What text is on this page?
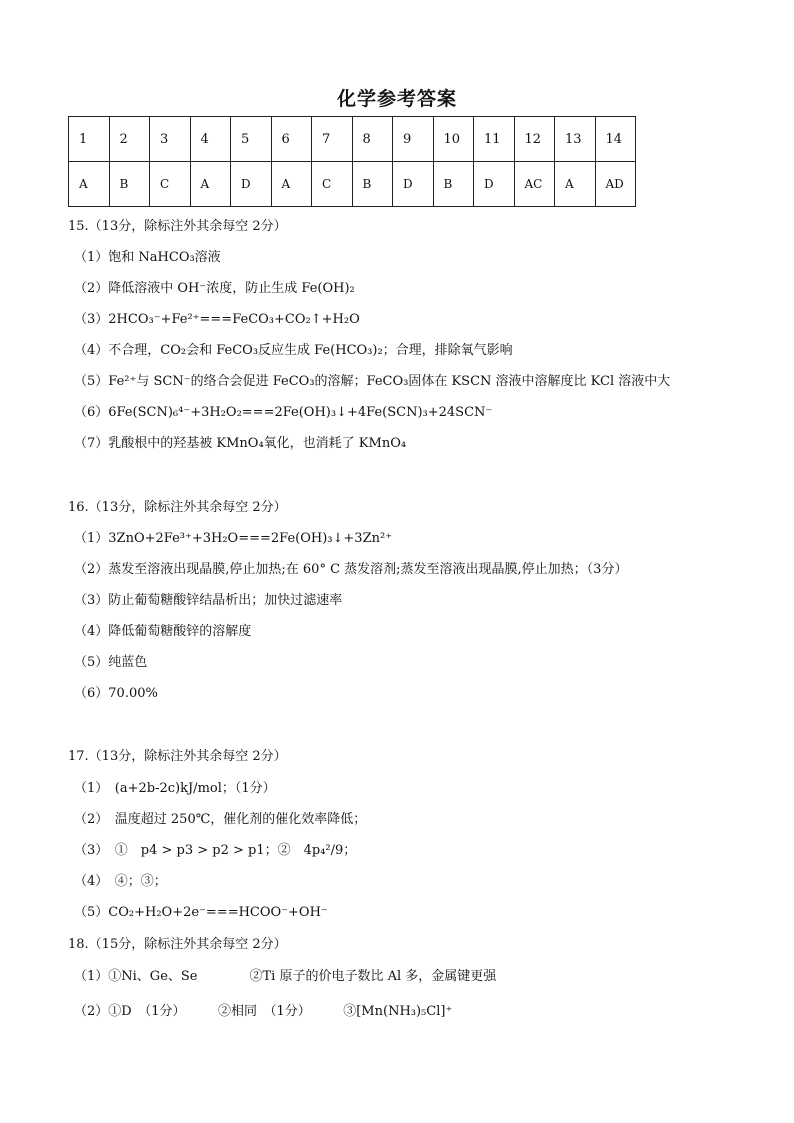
化学参考答案
1	2	3	4	5	6	7	8	9	10	11	12	13	14
A	B	C	A	D	A	C	B	D	B	D	AC	A	AD
15.（13分，除标注外其余每空 2分）
（1）饱和 NaHCO₃溶液
（2）降低溶液中 OH⁻浓度，防止生成 Fe(OH)₂
（3）2HCO₃⁻+Fe²⁺===FeCO₃+CO₂↑+H₂O
（4）不合理，CO₂会和 FeCO₃反应生成 Fe(HCO₃)₂；合理，排除氧气影响
（5）Fe²⁺与 SCN⁻的络合会促进 FeCO₃的溶解；FeCO₃固体在 KSCN 溶液中溶解度比 KCl 溶液中大
（6）6Fe(SCN)₆⁴⁻+3H₂O₂===2Fe(OH)₃↓+4Fe(SCN)₃+24SCN⁻
（7）乳酸根中的羟基被 KMnO₄氧化，也消耗了 KMnO₄
16.（13分，除标注外其余每空 2分）
（1）3ZnO+2Fe³⁺+3H₂O===2Fe(OH)₃↓+3Zn²⁺
（2）蒸发至溶液出现晶膜,停止加热;在 60° C 蒸发溶剂;蒸发至溶液出现晶膜,停止加热；（3分）
（3）防止葡萄糖酸锌结晶析出；加快过滤速率
（4）降低葡萄糖酸锌的溶解度
（5）纯蓝色
（6）70.00%
17.（13分，除标注外其余每空 2分）
（1）　(a+2b-2c)kJ/mol；（1分）
（2）　温度超过 250℃，催化剂的催化效率降低；
（3）　①　p4 > p3 > p2 > p1；②　4p₄²/9；
（4）　④；③；
（5）CO₂+H₂O+2e⁻===HCOO⁻+OH⁻
18.（15分，除标注外其余每空 2分）
（1）①Ni、Ge、Se　　　　②Ti 原子的价电子数比 Al 多，金属键更强
（2）①D　（1分）　　　②相同　（1分）　　　③[Mn(NH₃)₅Cl]⁺
